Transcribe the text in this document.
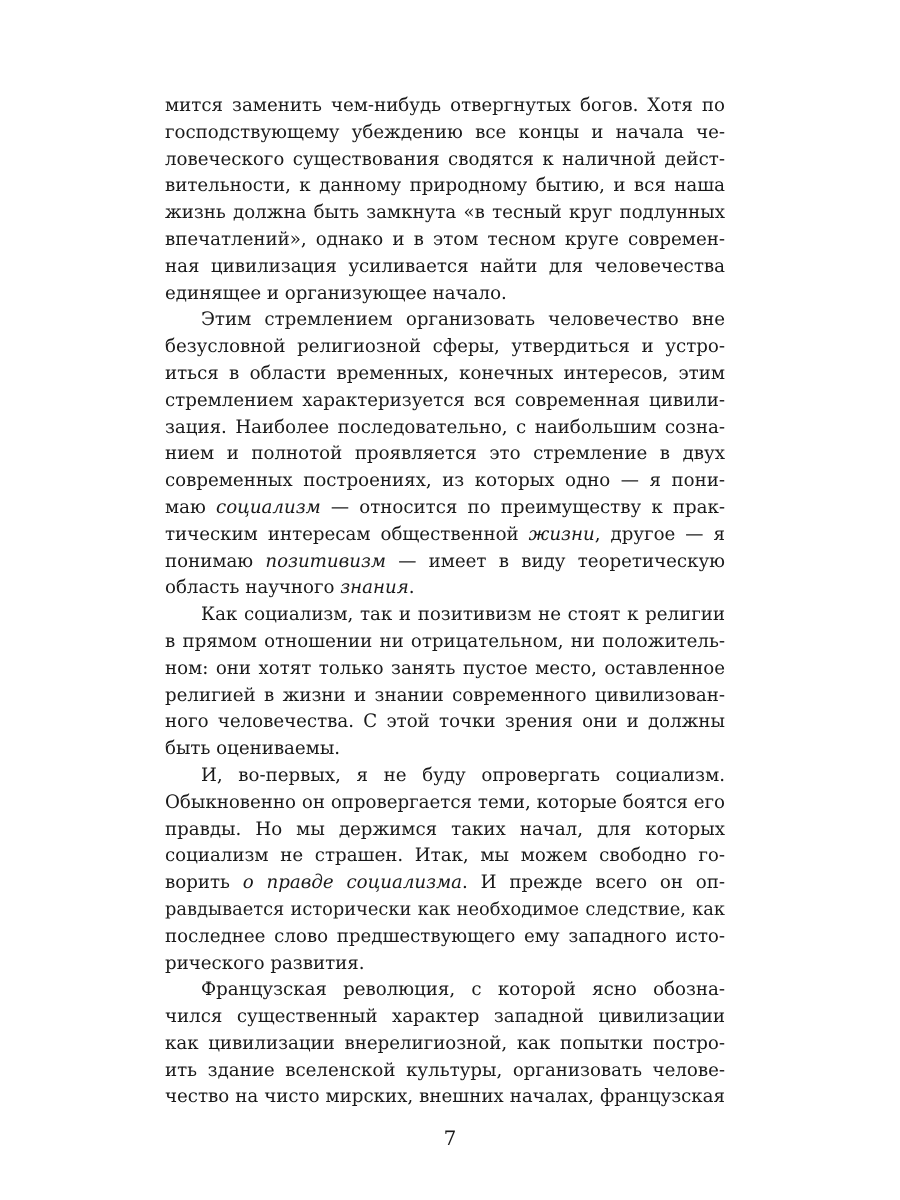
мится заменить чем-нибудь отвергнутых богов. Хотя по
господствующему убеждению все концы и начала че-
ловеческого существования сводятся к наличной дейст-
вительности, к данному природному бытию, и вся наша
жизнь должна быть замкнута «в тесный круг подлунных
впечатлений», однако и в этом тесном круге современ-
ная цивилизация усиливается найти для человечества
единящее и организующее начало.
Этим стремлением организовать человечество вне
безусловной религиозной сферы, утвердиться и устро-
иться в области временных, конечных интересов, этим
стремлением характеризуется вся современная цивили-
зация. Наиболее последовательно, с наибольшим созна-
нием и полнотой проявляется это стремление в двух
современных построениях, из которых одно — я пони-
маю социализм — относится по преимуществу к прак-
тическим интересам общественной жизни, другое — я
понимаю позитивизм — имеет в виду теоретическую
область научного знания.
Как социализм, так и позитивизм не стоят к религии
в прямом отношении ни отрицательном, ни положитель-
ном: они хотят только занять пустое место, оставленное
религией в жизни и знании современного цивилизован-
ного человечества. С этой точки зрения они и должны
быть оцениваемы.
И, во-первых, я не буду опровергать социализм.
Обыкновенно он опровергается теми, которые боятся его
правды. Но мы держимся таких начал, для которых
социализм не страшен. Итак, мы можем свободно го-
ворить о правде социализма. И прежде всего он оп-
равдывается исторически как необходимое следствие, как
последнее слово предшествующего ему западного исто-
рического развития.
Французская революция, с которой ясно обозна-
чился существенный характер западной цивилизации
как цивилизации внерелигиозной, как попытки постро-
ить здание вселенской культуры, организовать челове-
чество на чисто мирских, внешних началах, французская
7
